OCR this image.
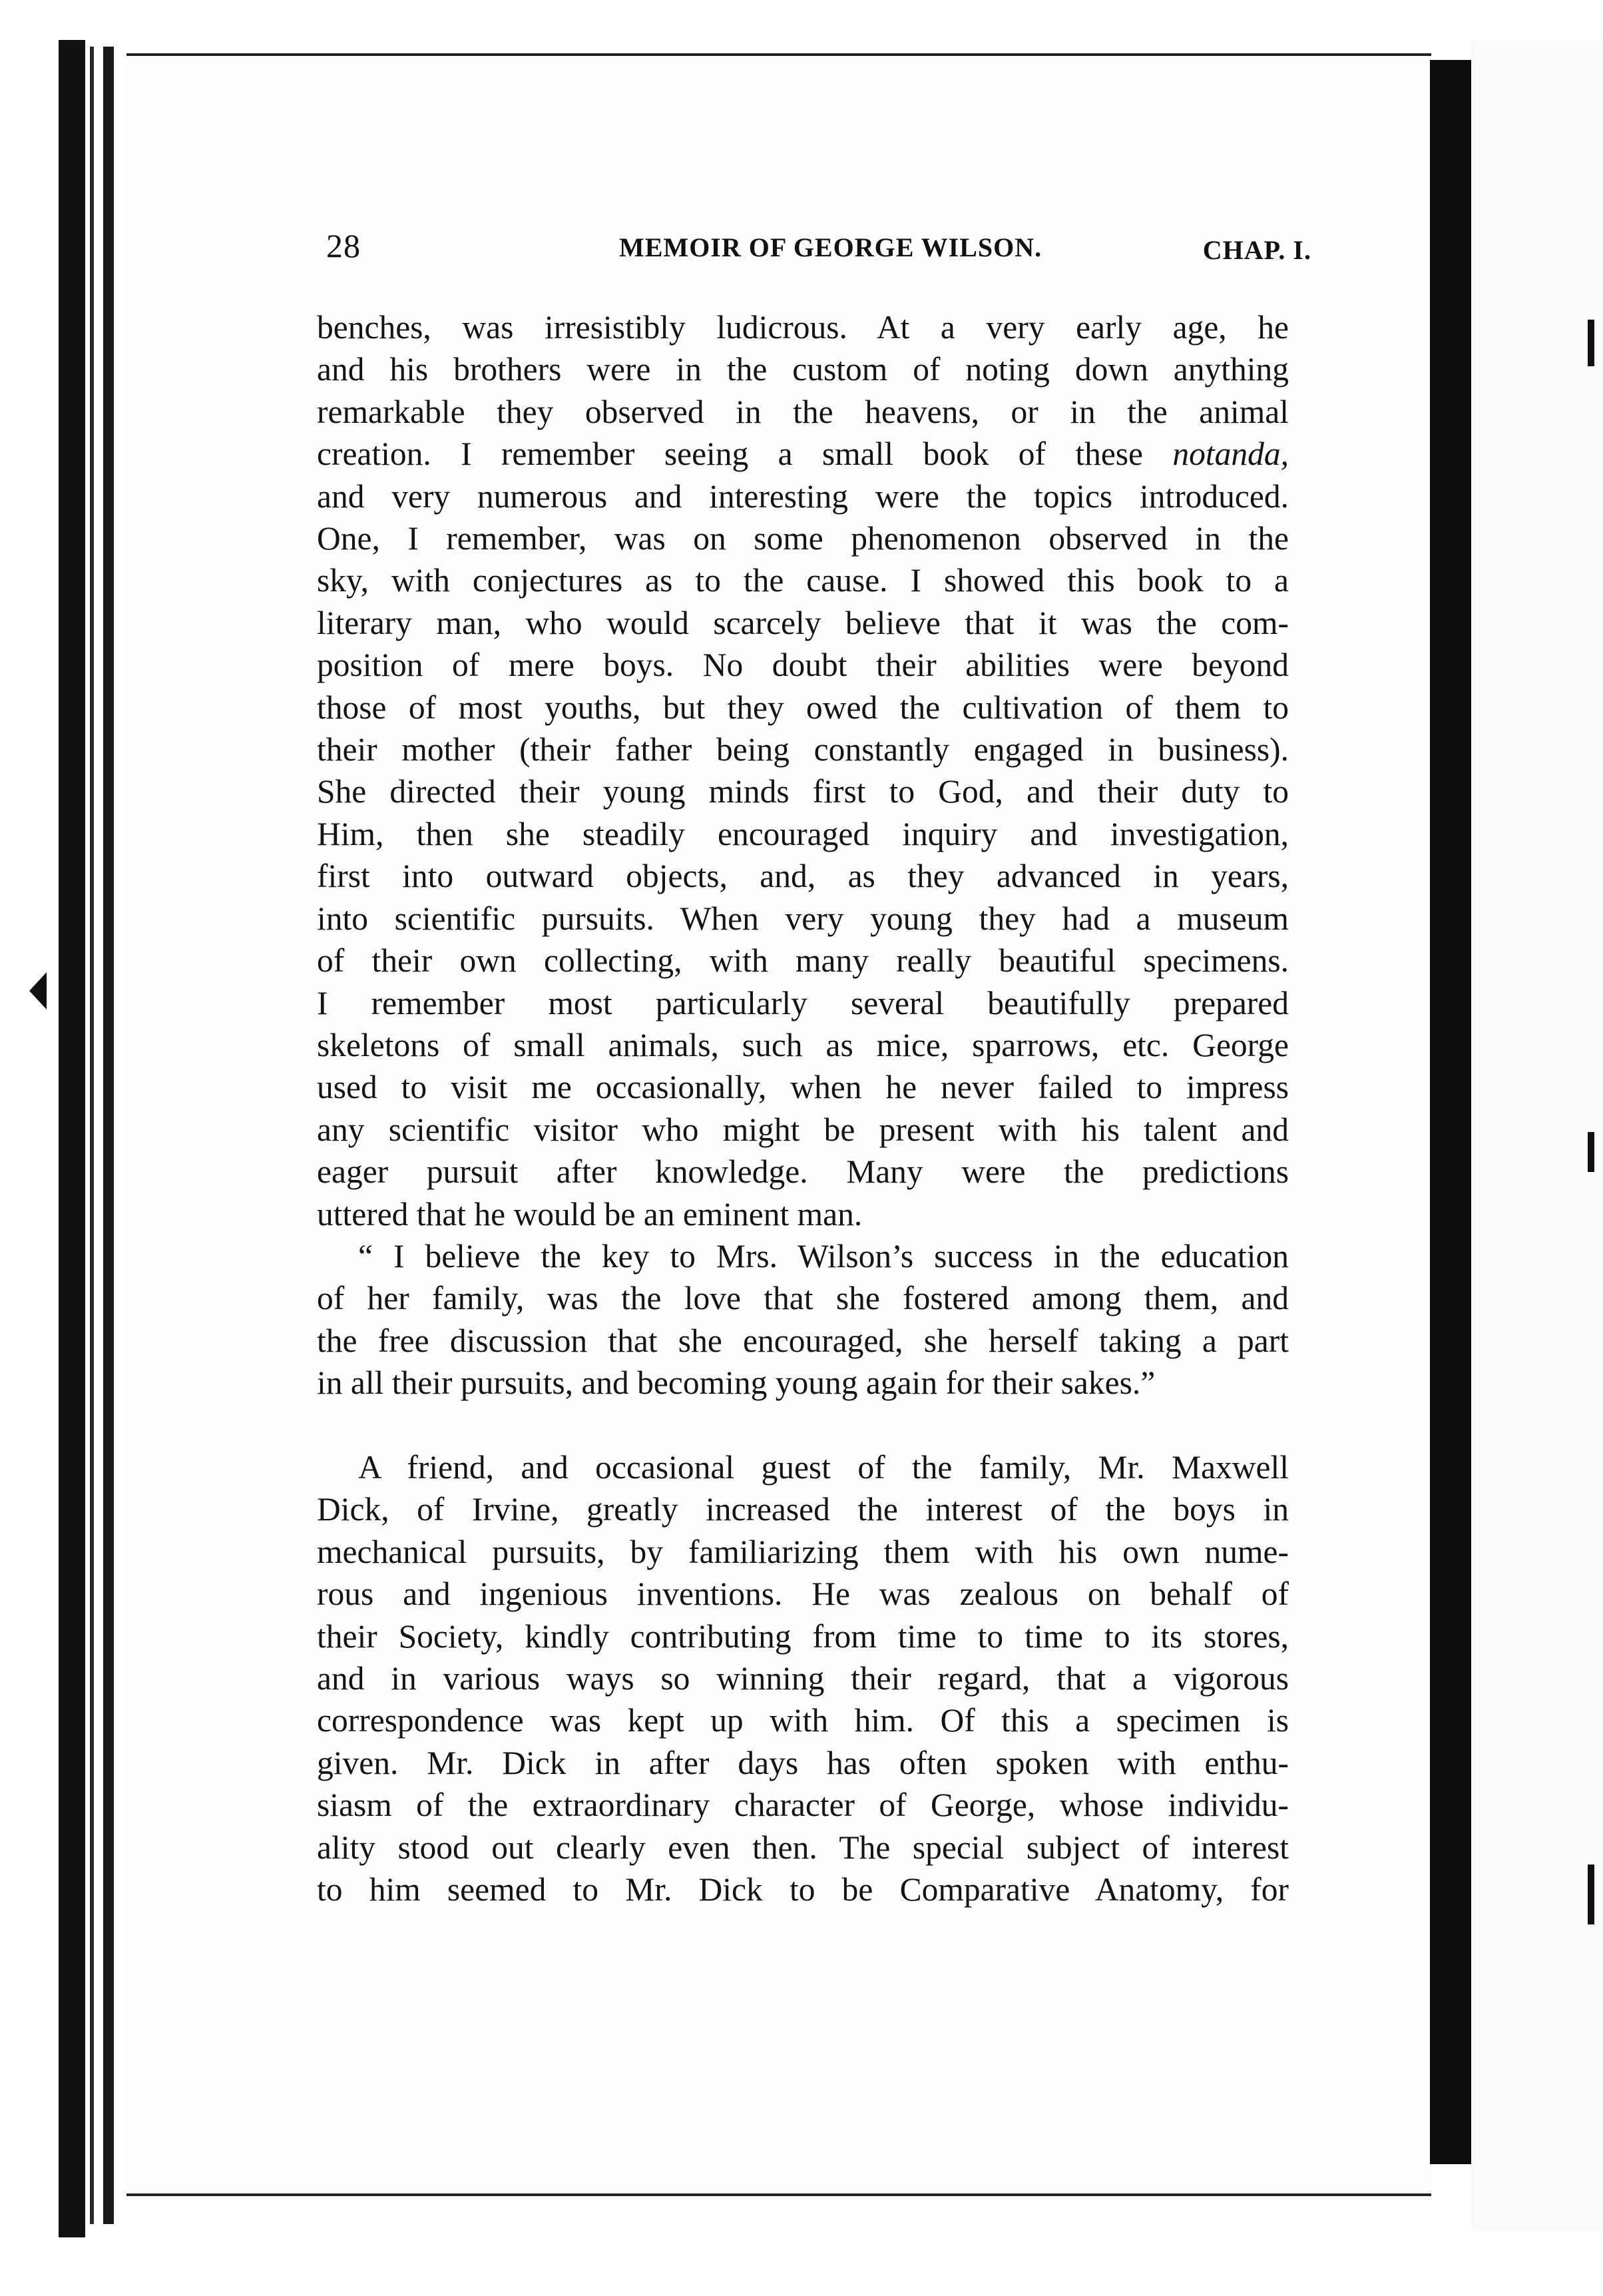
28	MEMOIR OF GEORGE WILSON.	CHAP. I.
benches, was irresistibly ludicrous. At a very early age, he
and his brothers were in the custom of noting down anything
remarkable they observed in the heavens, or in the animal
creation. I remember seeing a small book of these notanda,
and very numerous and interesting were the topics introduced.
One, I remember, was on some phenomenon observed in the
sky, with conjectures as to the cause. I showed this book to a
literary man, who would scarcely believe that it was the com-
position of mere boys. No doubt their abilities were beyond
those of most youths, but they owed the cultivation of them to
their mother (their father being constantly engaged in business).
She directed their young minds first to God, and their duty to
Him, then she steadily encouraged inquiry and investigation,
first into outward objects, and, as they advanced in years,
into scientific pursuits. When very young they had a museum
of their own collecting, with many really beautiful specimens.
I remember most particularly several beautifully prepared
skeletons of small animals, such as mice, sparrows, etc. George
used to visit me occasionally, when he never failed to impress
any scientific visitor who might be present with his talent and
eager pursuit after knowledge. Many were the predictions
uttered that he would be an eminent man.
“ I believe the key to Mrs. Wilson’s success in the education
of her family, was the love that she fostered among them, and
the free discussion that she encouraged, she herself taking a part
in all their pursuits, and becoming young again for their sakes.”
A friend, and occasional guest of the family, Mr. Maxwell
Dick, of Irvine, greatly increased the interest of the boys in
mechanical pursuits, by familiarizing them with his own nume-
rous and ingenious inventions. He was zealous on behalf of
their Society, kindly contributing from time to time to its stores,
and in various ways so winning their regard, that a vigorous
correspondence was kept up with him. Of this a specimen is
given. Mr. Dick in after days has often spoken with enthu-
siasm of the extraordinary character of George, whose individu-
ality stood out clearly even then. The special subject of interest
to him seemed to Mr. Dick to be Comparative Anatomy, for
